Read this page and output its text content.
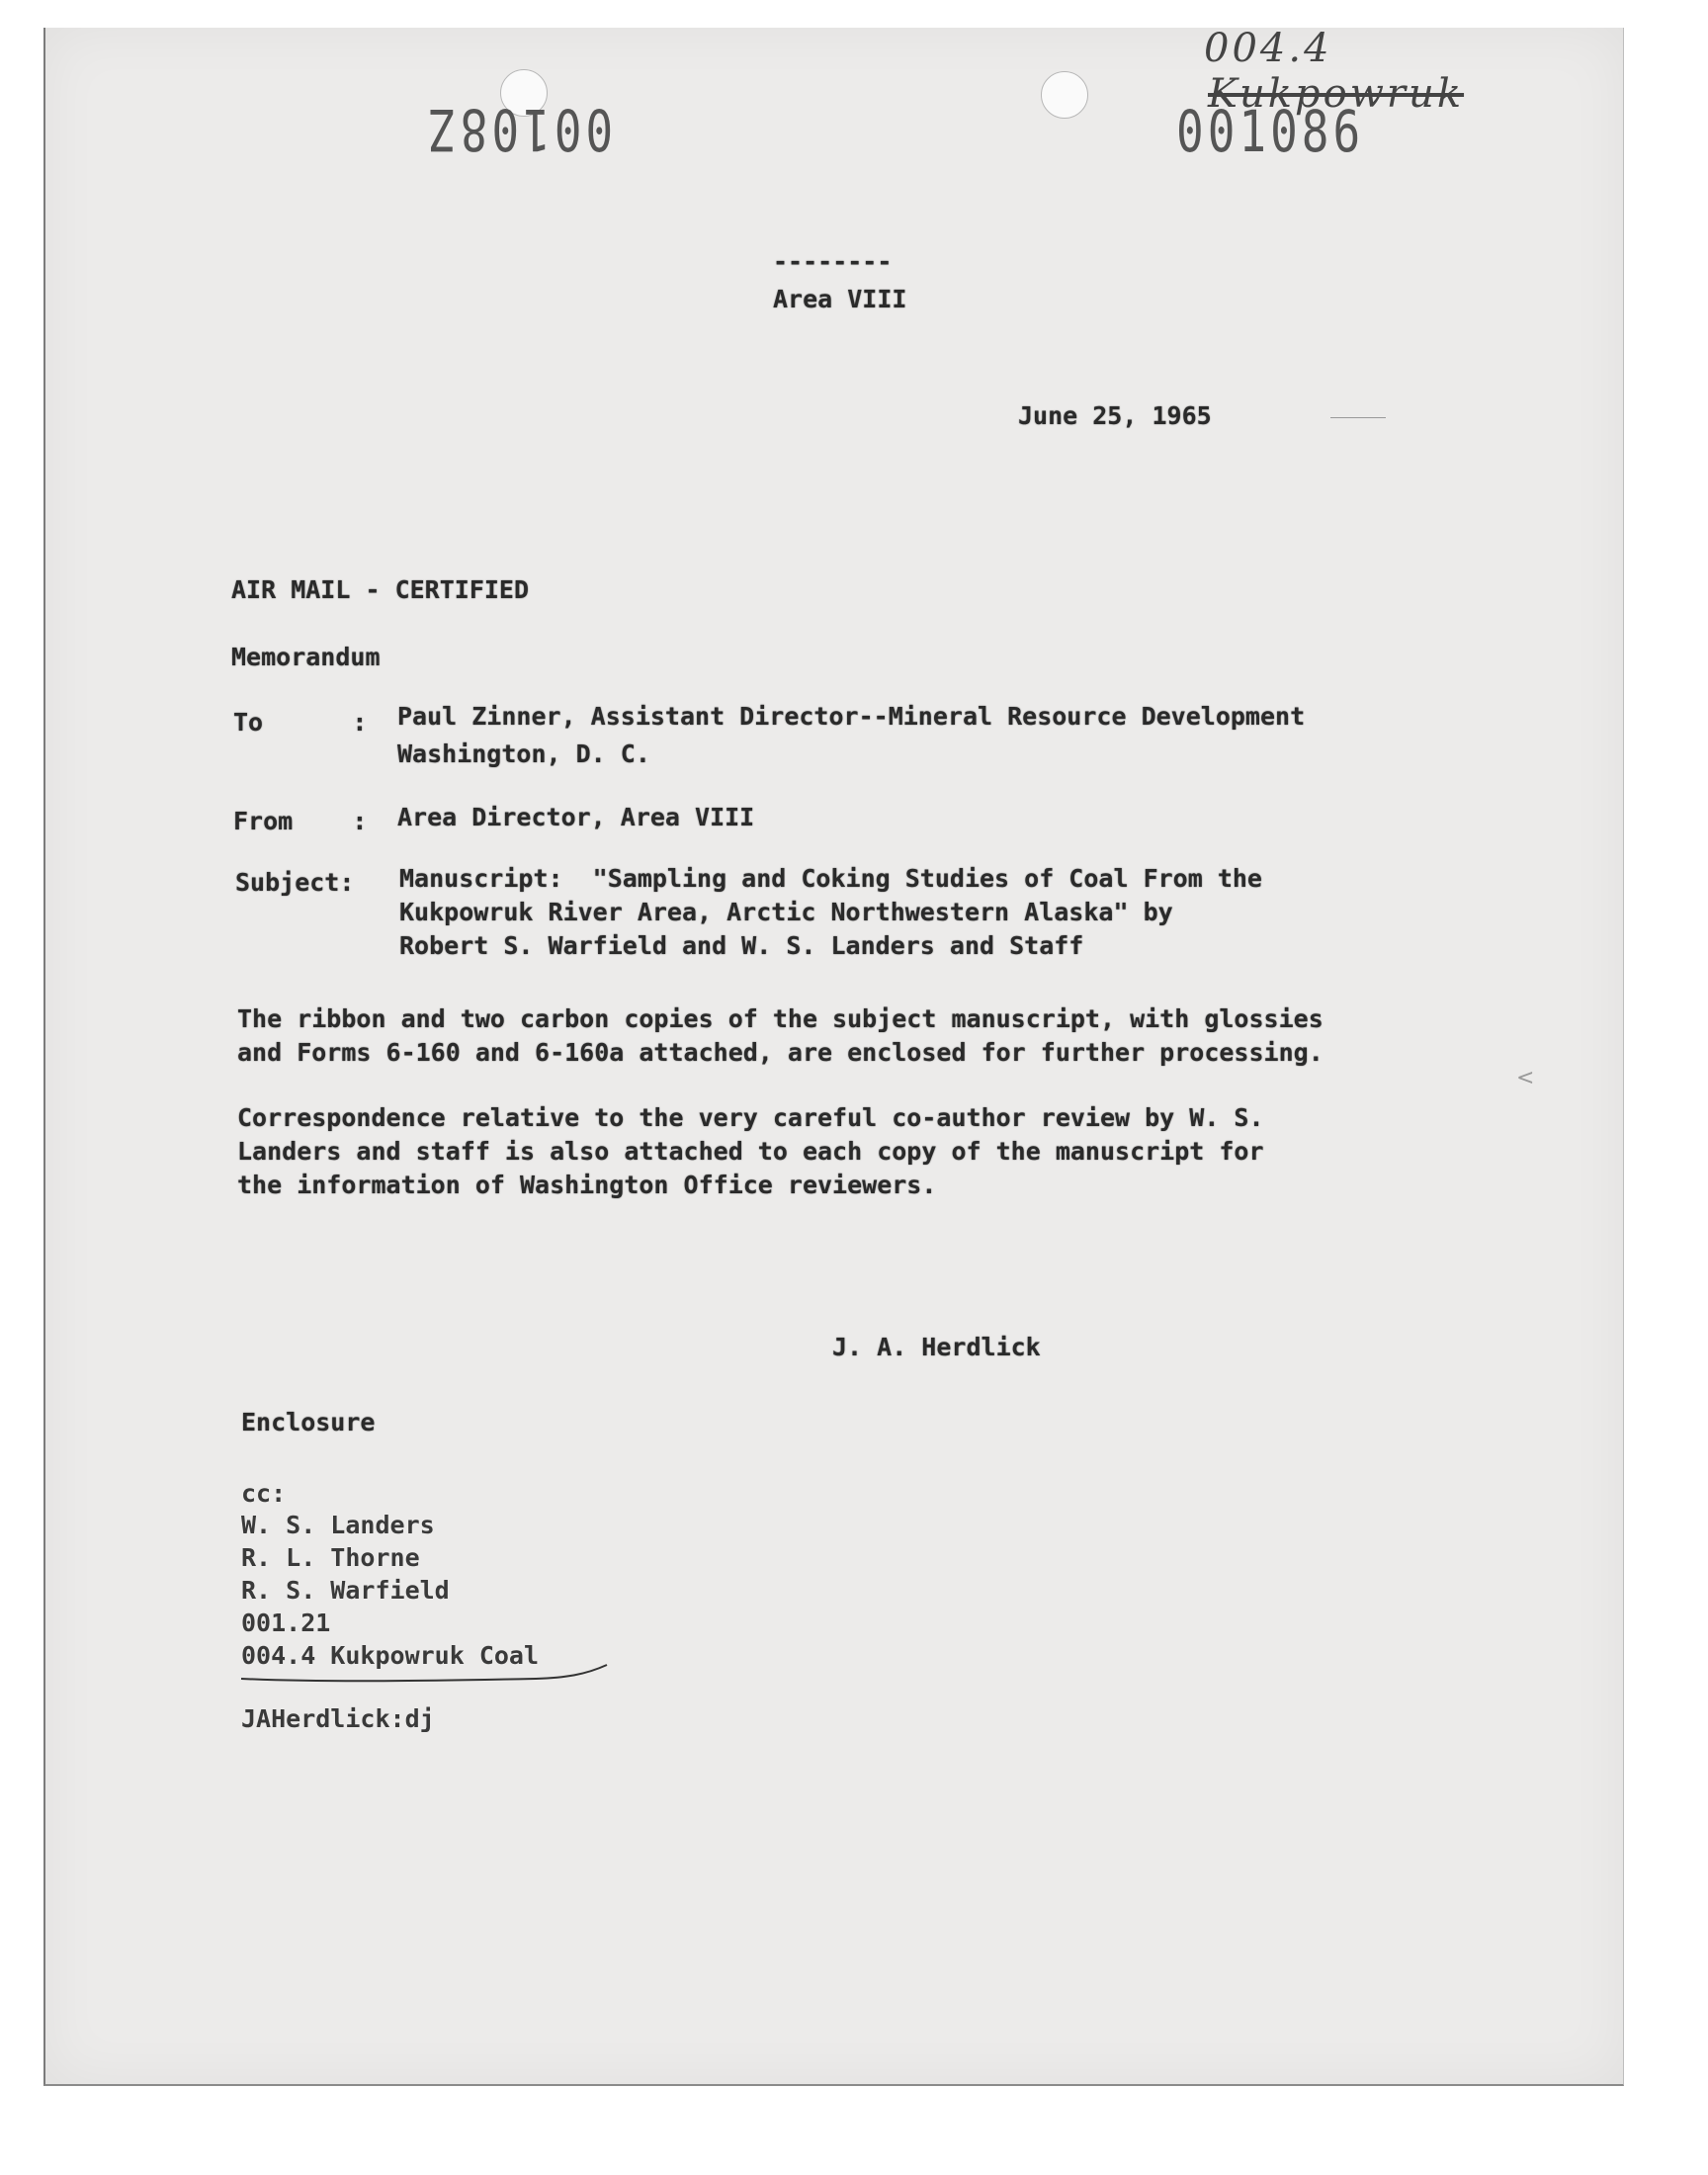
00108Z	001086
004.4
Kukpowruk
--------
Area VIII
June 25, 1965
AIR MAIL - CERTIFIED
Memorandum
To      : Paul Zinner, Assistant Director--Mineral Resource Development
Washington, D. C.
From    : Area Director, Area VIII
Subject: Manuscript:  "Sampling and Coking Studies of Coal From the
Kukpowruk River Area, Arctic Northwestern Alaska" by
Robert S. Warfield and W. S. Landers and Staff
The ribbon and two carbon copies of the subject manuscript, with glossies
and Forms 6-160 and 6-160a attached, are enclosed for further processing.
<
Correspondence relative to the very careful co-author review by W. S.
Landers and staff is also attached to each copy of the manuscript for
the information of Washington Office reviewers.
J. A. Herdlick
Enclosure
cc:
W. S. Landers
R. L. Thorne
R. S. Warfield
001.21
004.4 Kukpowruk Coal
JAHerdlick:dj
